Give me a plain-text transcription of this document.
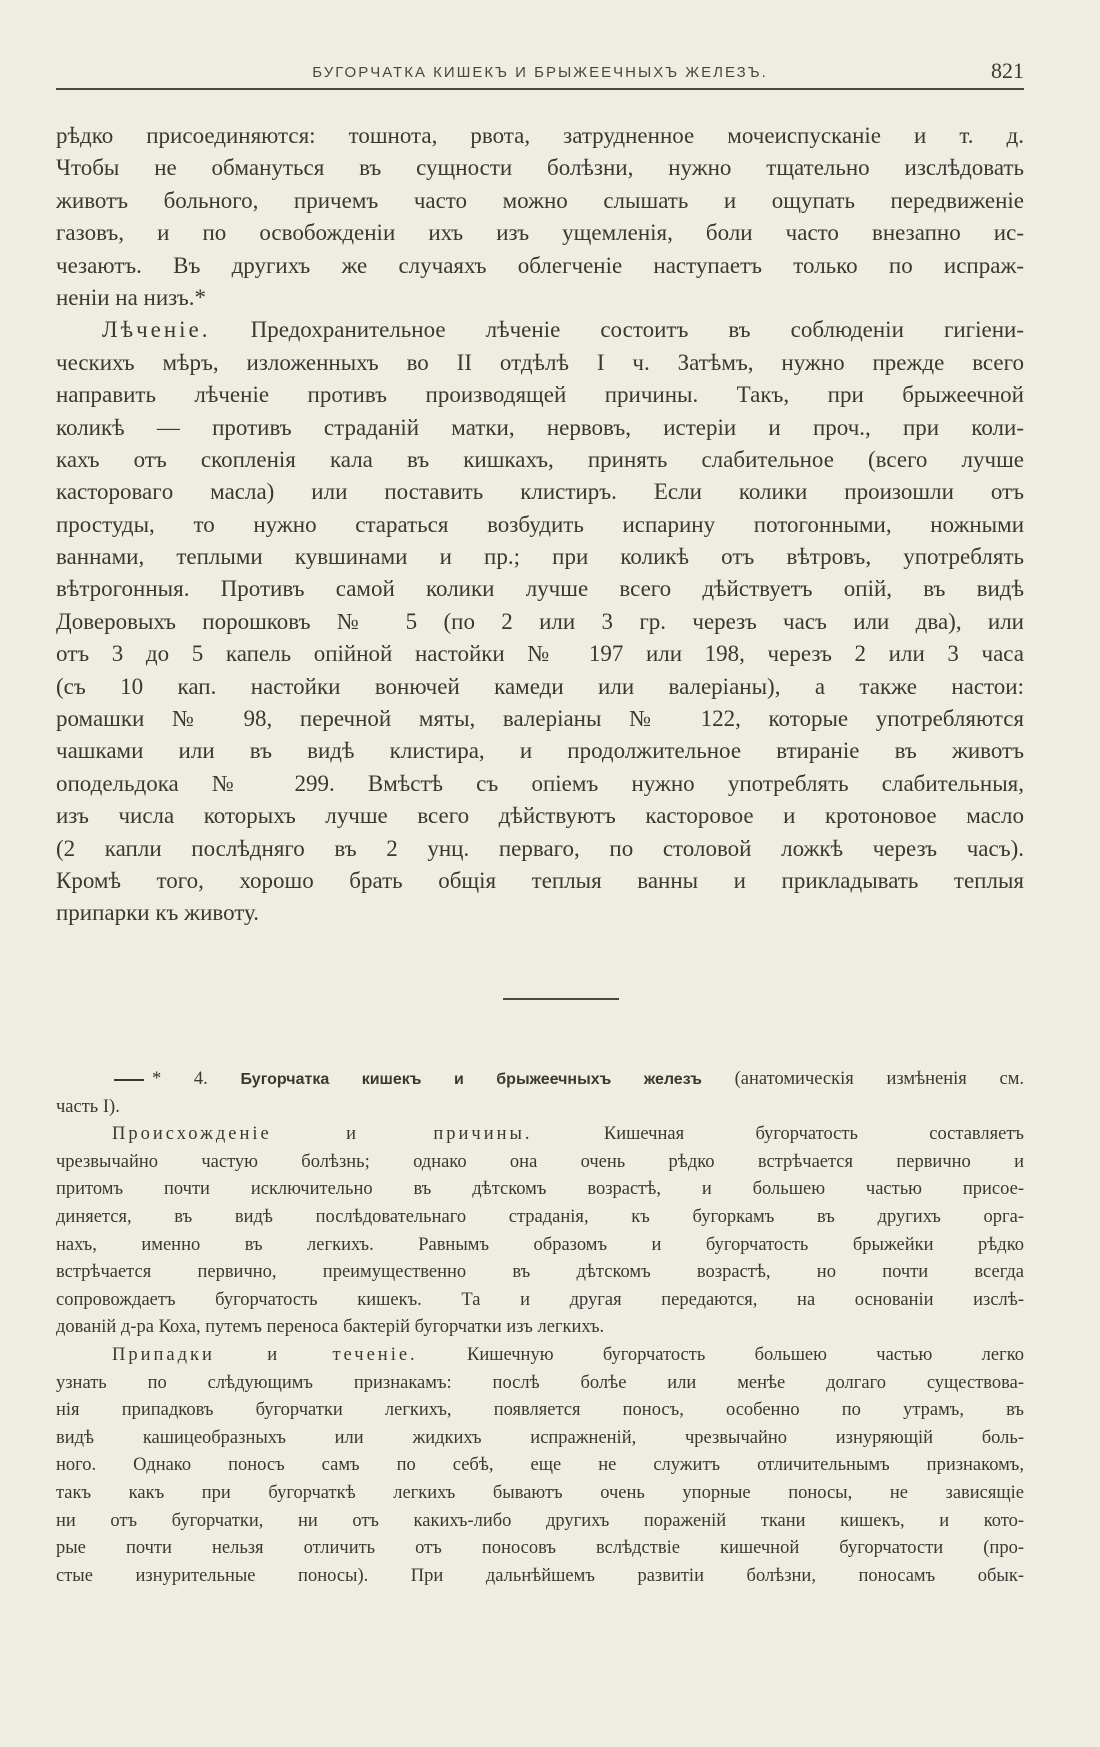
БУГОРЧАТКА КИШЕКЪ И БРЫЖЕЕЧНЫХЪ ЖЕЛЕЗЪ.	821
рѣдко присоединяются: тошнота, рвота, затрудненное мочеиспусканіе и т. д.
Чтобы не обмануться въ сущности болѣзни, нужно тщательно изслѣдовать
животъ больного, причемъ часто можно слышать и ощупать передвиженіе
газовъ, и по освобожденіи ихъ изъ ущемленія, боли часто внезапно ис-
чезаютъ. Въ другихъ же случаяхъ облегченіе наступаетъ только по испраж-
неніи на низъ.*
Лѣченіе. Предохранительное лѣченіе состоитъ въ соблюденіи гигіени-
ческихъ мѣръ, изложенныхъ во II отдѣлѣ I ч. Затѣмъ, нужно прежде всего
направить лѣченіе противъ производящей причины. Такъ, при брыжеечной
коликѣ — противъ страданій матки, нервовъ, истеріи и проч., при коли-
кахъ отъ скопленія кала въ кишкахъ, принять слабительное (всего лучше
касторовагo масла) или поставить клистиръ. Если колики произошли отъ
простуды, то нужно стараться возбудить испарину потогонными, ножными
ваннами, теплыми кувшинами и пр.; при коликѣ отъ вѣтровъ, употреблять
вѣтрогонныя. Противъ самой колики лучше всего дѣйствуетъ опій, въ видѣ
Доверовыхъ порошковъ № 5 (по 2 или 3 гр. черезъ часъ или два), или
отъ 3 до 5 капель опійной настойки № 197 или 198, черезъ 2 или 3 часа
(съ 10 кап. настойки вонючей камеди или валеріаны), а также настои:
ромашки № 98, перечной мяты, валеріаны № 122, которые употребляются
чашками или въ видѣ клистира, и продолжительное втираніе въ животъ
оподельдока № 299. Вмѣстѣ съ опіемъ нужно употреблять слабительныя,
изъ числа которыхъ лучше всего дѣйствуютъ касторовое и кротоновое масло
(2 капли послѣдняго въ 2 унц. перваго, по столовой ложкѣ черезъ часъ).
Кромѣ того, хорошо брать общія теплыя ванны и прикладывать теплыя
припарки къ животу.
* 4. Бугорчатка кишекъ и брыжеечныхъ железъ (анатомическія измѣненія см.
часть I).
Происхожденіе и причины.	Кишечная бугорчатость составляетъ
чрезвычайно частую болѣзнь; однако она очень рѣдко встрѣчается первично и
притомъ почти исключительно въ дѣтскомъ возрастѣ, и большею частью присое-
диняется, въ видѣ послѣдовательнаго страданія, къ бугоркамъ въ другихъ орга-
нахъ, именно въ легкихъ. Равнымъ образомъ и бугорчатость брыжейки рѣдко
встрѣчается первично, преимущественно въ дѣтскомъ возрастѣ, но почти всегда
сопровождаетъ бугорчатость кишекъ. Та и другая передаются, на основаніи изслѣ-
дованій д-ра Коха, путемъ переноса бактерій бугорчатки изъ легкихъ.
Припадки и теченіе.	Кишечную бугорчатость большею частью легко
узнать по слѣдующимъ признакамъ: послѣ болѣе или менѣе долгаго существова-
нія припадковъ бугорчатки легкихъ, появляется поносъ, особенно по утрамъ, въ
видѣ кашицеобразныхъ или жидкихъ испражненій, чрезвычайно изнуряющій боль-
ного. Однако поносъ самъ по себѣ, еще не служитъ отличительнымъ признакомъ,
такъ какъ при бугорчаткѣ легкихъ бываютъ очень упорные поносы, не зависящіе
ни отъ бугорчатки, ни отъ какихъ-либо другихъ пораженій ткани кишекъ, и кото-
рые почти нельзя отличить отъ поносовъ вслѣдствіе кишечной бугорчатости (про-
стые изнурительные поносы). При дальнѣйшемъ развитіи болѣзни, поносамъ обык-
